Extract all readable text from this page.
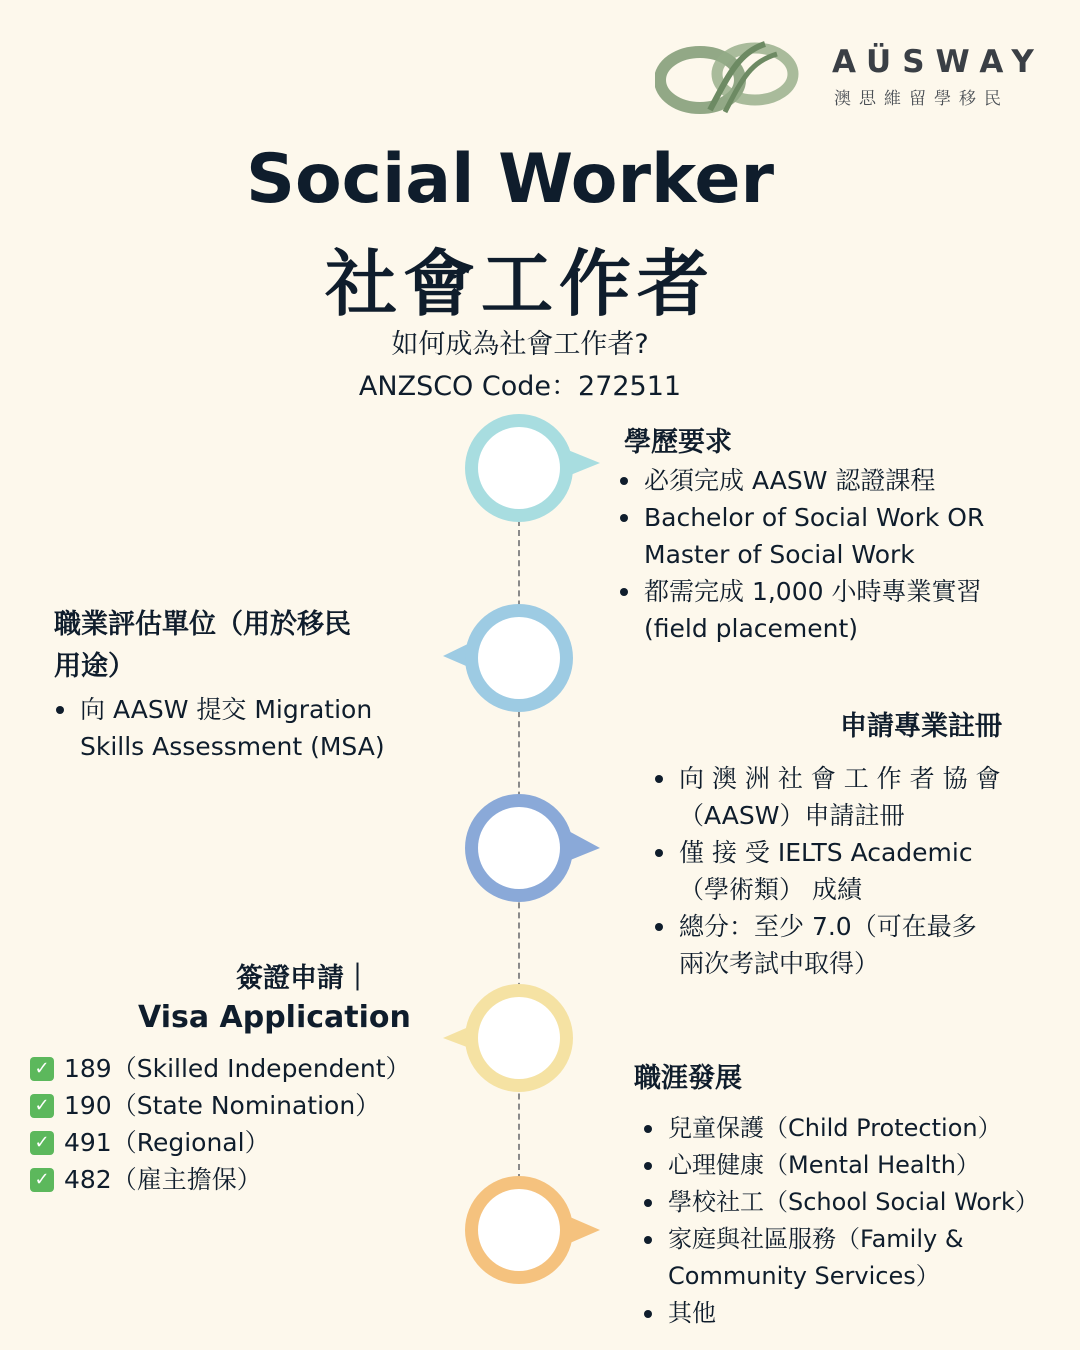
AÜSWAY
澳思維留學移民
Social Worker
社會工作者
如何成為社會工作者?
ANZSCO Code：272511
學歷要求
必須完成 AASW 認證課程
Bachelor of Social Work OR
Master of Social Work
都需完成 1,000 小時專業實習
(field placement)
職業評估單位（用於移民
用途）
向 AASW 提交 Migration
Skills Assessment (MSA)
申請專業註冊
向 澳 洲 社 會 工 作 者 協 會
（AASW）申請註冊
僅 接 受 IELTS Academic
（學術類） 成績
總分：至少 7.0（可在最多
兩次考試中取得）
簽證申請｜
Visa Application
✓ 189（Skilled Independent）
✓ 190（State Nomination）
✓ 491（Regional）
✓ 482（雇主擔保）
職涯發展
兒童保護（Child Protection）
心理健康（Mental Health）
學校社工（School Social Work）
家庭與社區服務（Family &
Community Services）
其他
